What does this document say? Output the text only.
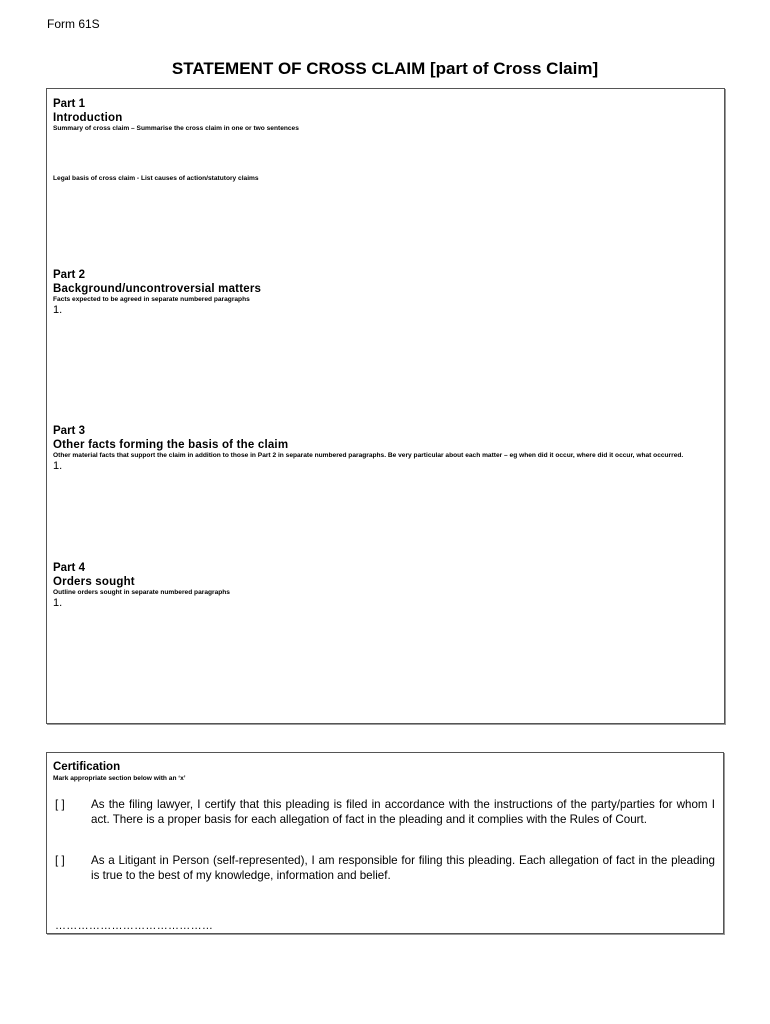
Form 61S
STATEMENT OF CROSS CLAIM [part of Cross Claim]
Part 1
Introduction
Summary of cross claim – Summarise the cross claim in one or two sentences
Legal basis of cross claim - List causes of action/statutory claims
Part 2
Background/uncontroversial matters
Facts expected to be agreed in separate numbered paragraphs
1.
Part 3
Other facts forming the basis of the claim
Other material facts that support the claim in addition to those in Part 2 in separate numbered paragraphs. Be very particular about each matter – eg when did it occur, where did it occur, what occurred.
1.
Part 4
Orders sought
Outline orders sought in separate numbered paragraphs
1.
Certification
Mark appropriate section below with an ‘x’
[ ]	As the filing lawyer, I certify that this pleading is filed in accordance with the instructions of the party/parties for whom I act. There is a proper basis for each allegation of fact in the pleading and it complies with the Rules of Court.
[ ]	As a Litigant in Person (self-represented), I am responsible for filing this pleading. Each allegation of fact in the pleading is true to the best of my knowledge, information and belief.
……………………………………
